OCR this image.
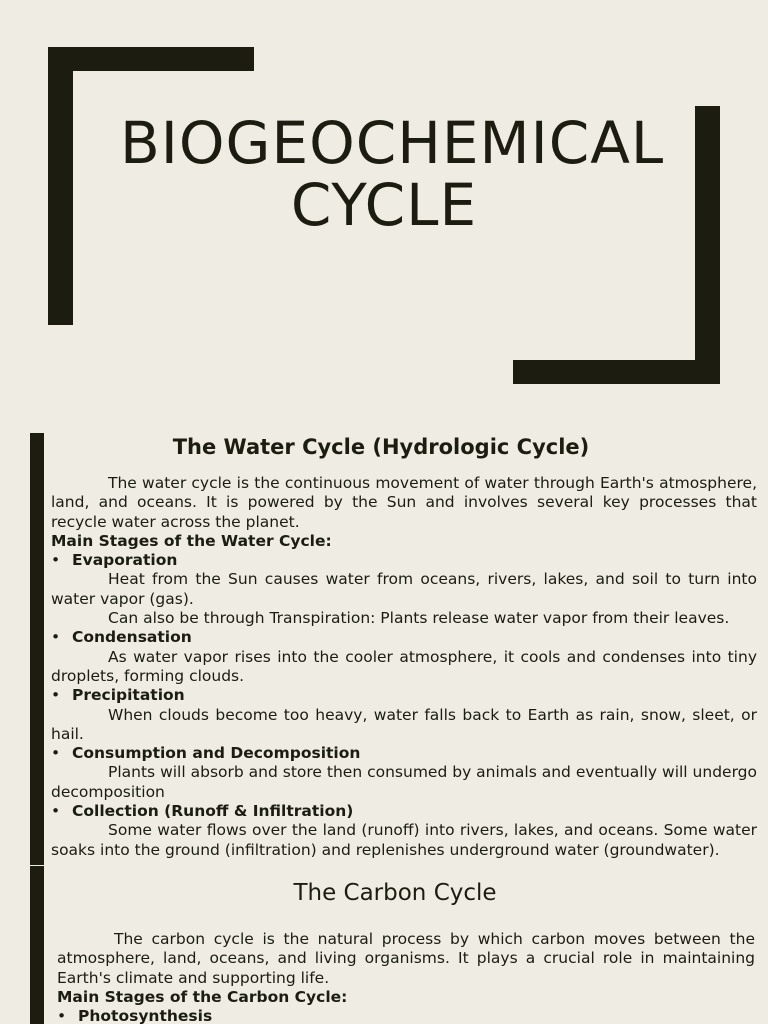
BIOGEOCHEMICAL CYCLE
The Water Cycle (Hydrologic Cycle)

The water cycle is the continuous movement of water through Earth's atmosphere, land, and oceans. It is powered by the Sun and involves several key processes that recycle water across the planet.

Main Stages of the Water Cycle:

• Evaporation

Heat from the Sun causes water from oceans, rivers, lakes, and soil to turn into water vapor (gas).

Can also be through Transpiration: Plants release water vapor from their leaves.

• Condensation

As water vapor rises into the cooler atmosphere, it cools and condenses into tiny droplets, forming clouds.

• Precipitation

When clouds become too heavy, water falls back to Earth as rain, snow, sleet, or hail.

• Consumption and Decomposition

Plants will absorb and store then consumed by animals and eventually will undergo decomposition

• Collection (Runoff & Infiltration)

Some water flows over the land (runoff) into rivers, lakes, and oceans. Some water soaks into the ground (infiltration) and replenishes underground water (groundwater).

The Carbon Cycle

The carbon cycle is the natural process by which carbon moves between the atmosphere, land, oceans, and living organisms. It plays a crucial role in maintaining Earth's climate and supporting life.

Main Stages of the Carbon Cycle:

• Photosynthesis
